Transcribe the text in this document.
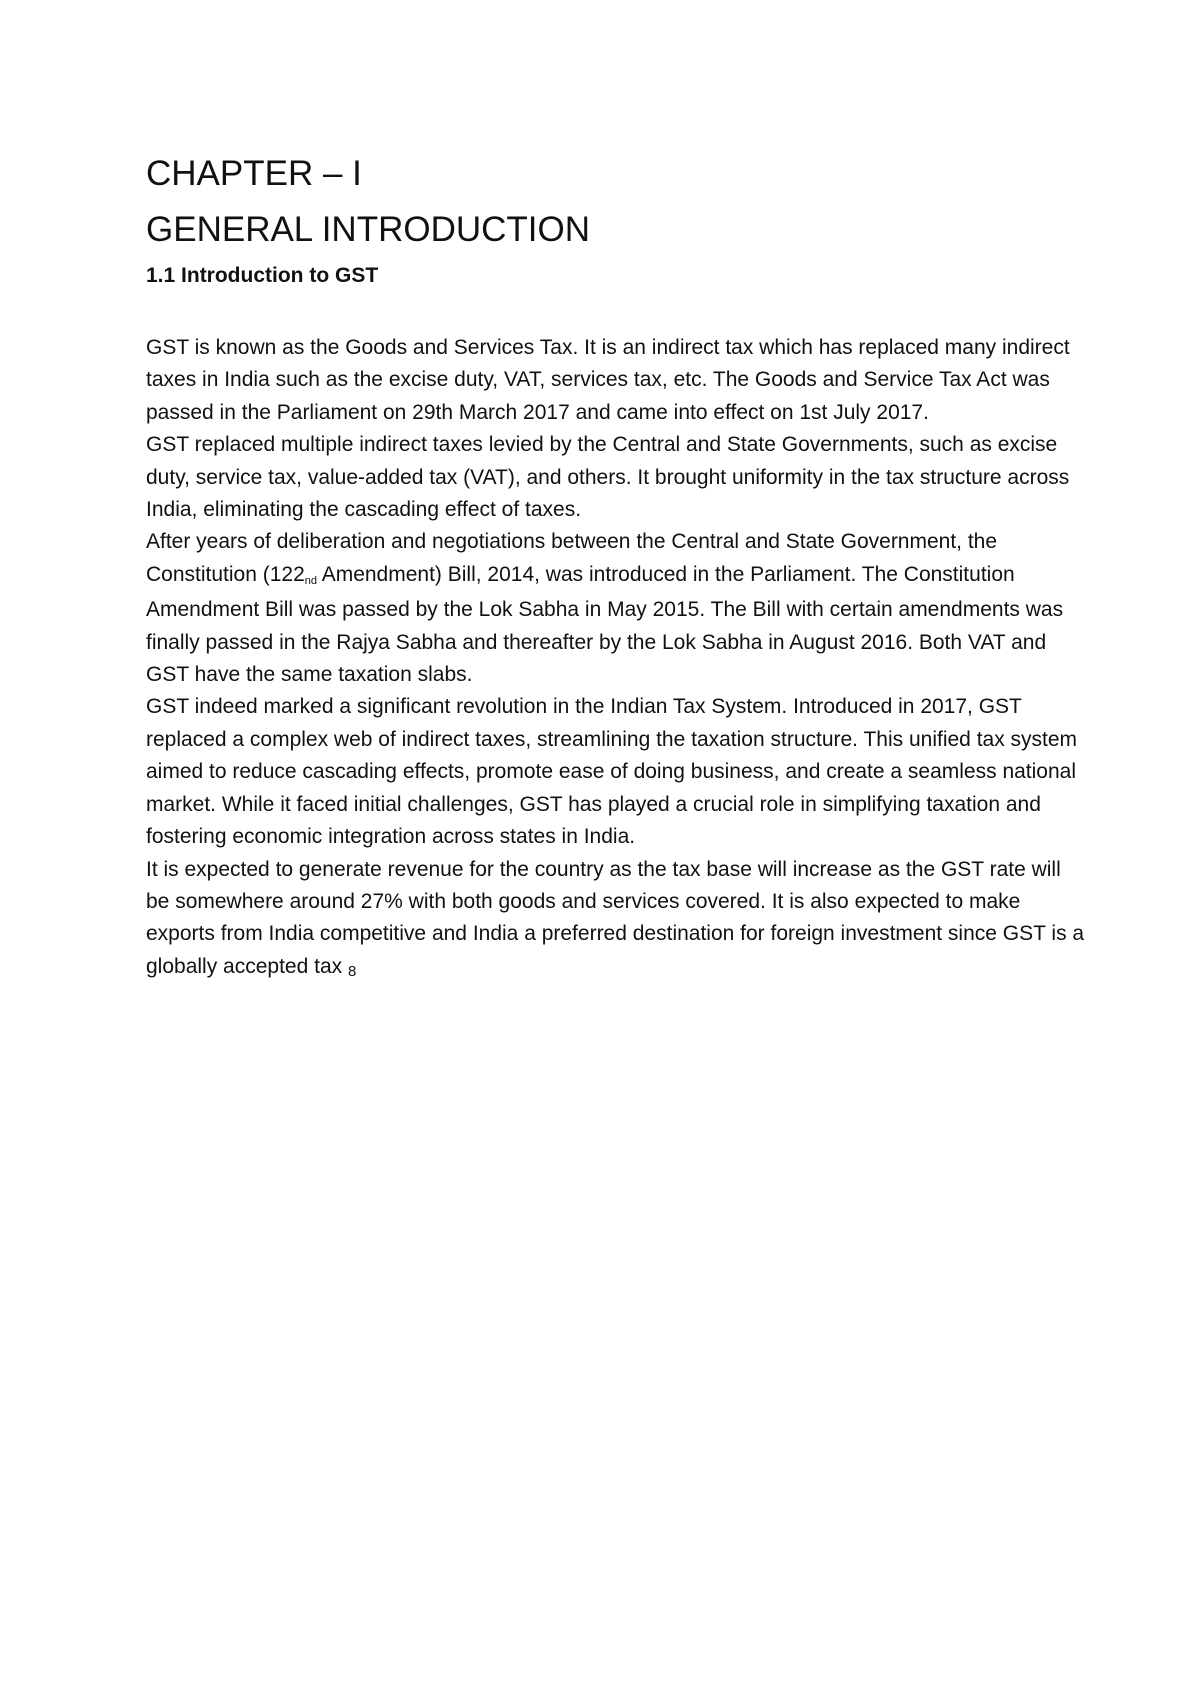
CHAPTER – I
GENERAL INTRODUCTION
1.1 Introduction to GST

GST is known as the Goods and Services Tax. It is an indirect tax which has replaced many indirect taxes in India such as the excise duty, VAT, services tax, etc. The Goods and Service Tax Act was passed in the Parliament on 29th March 2017 and came into effect on 1st July 2017.

GST replaced multiple indirect taxes levied by the Central and State Governments, such as excise duty, service tax, value-added tax (VAT), and others. It brought uniformity in the tax structure across India, eliminating the cascading effect of taxes.

After years of deliberation and negotiations between the Central and State Government, the Constitution (122nd Amendment) Bill, 2014, was introduced in the Parliament. The Constitution Amendment Bill was passed by the Lok Sabha in May 2015. The Bill with certain amendments was finally passed in the Rajya Sabha and thereafter by the Lok Sabha in August 2016. Both VAT and GST have the same taxation slabs.

GST indeed marked a significant revolution in the Indian Tax System. Introduced in 2017, GST replaced a complex web of indirect taxes, streamlining the taxation structure. This unified tax system aimed to reduce cascading effects, promote ease of doing business, and create a seamless national market. While it faced initial challenges, GST has played a crucial role in simplifying taxation and fostering economic integration across states in India.

It is expected to generate revenue for the country as the tax base will increase as the GST rate will be somewhere around 27% with both goods and services covered. It is also expected to make exports from India competitive and India a preferred destination for foreign investment since GST is a globally accepted tax 8
